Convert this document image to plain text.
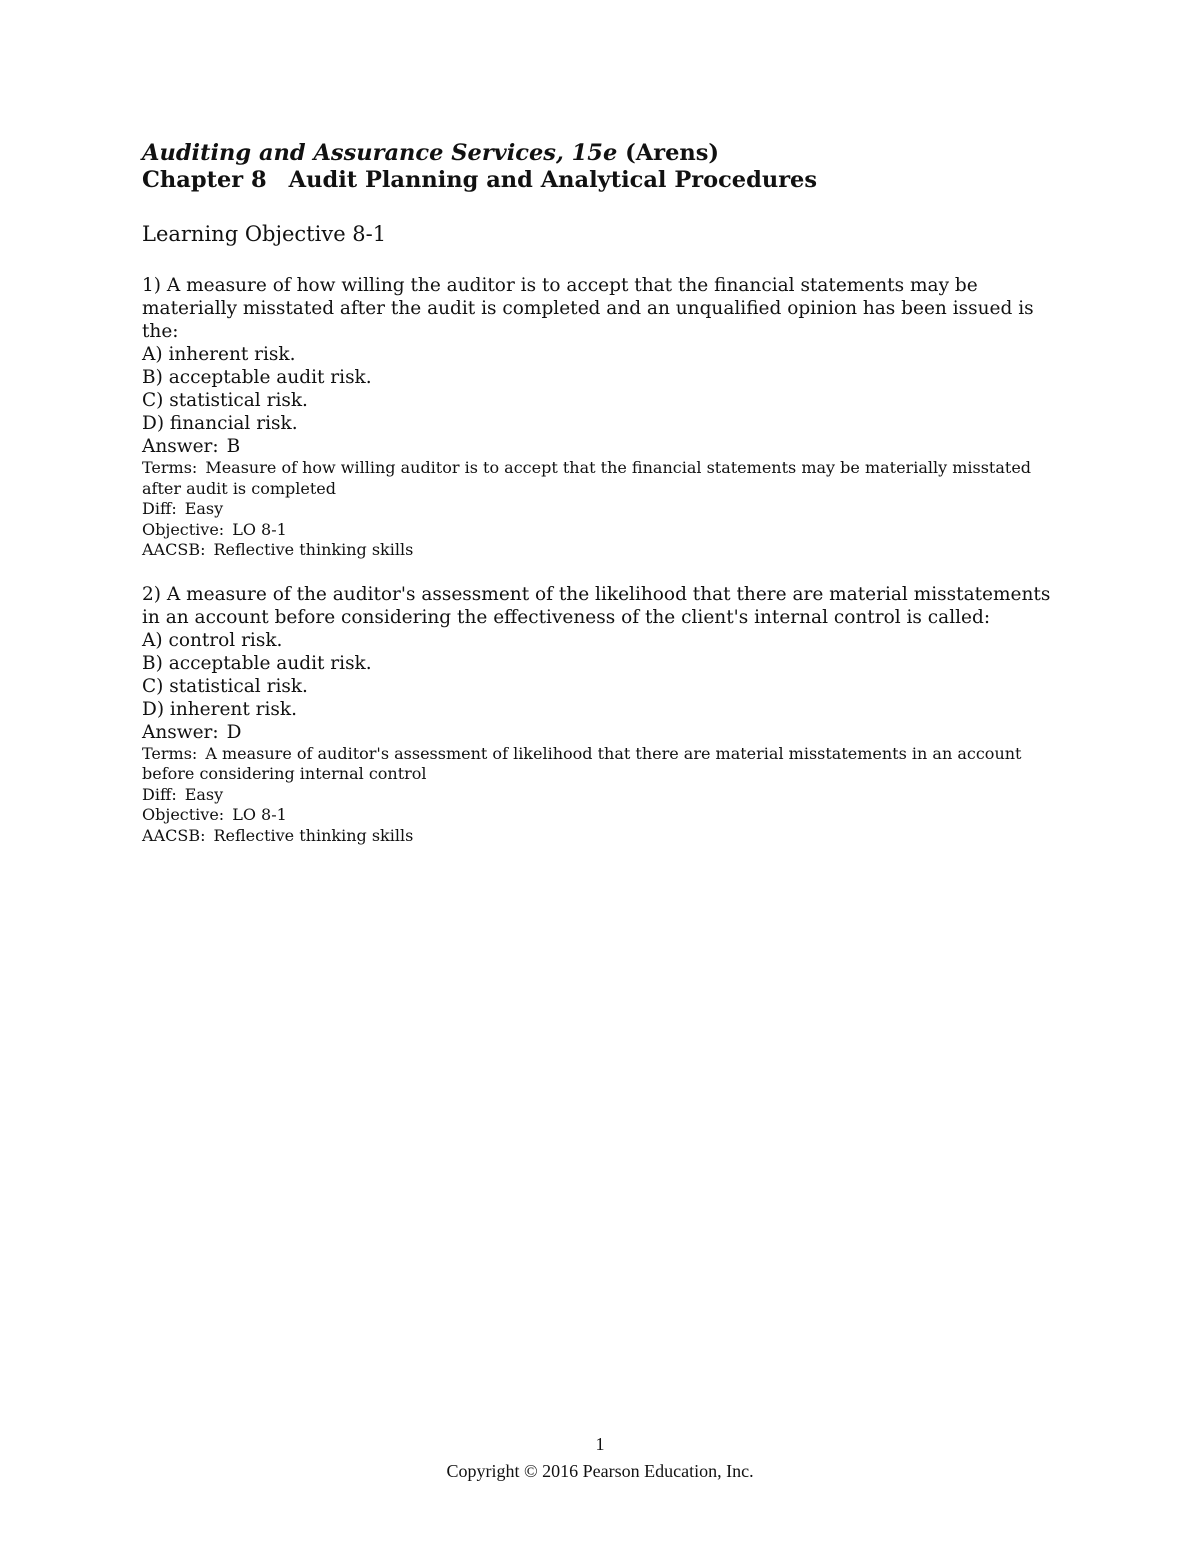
Auditing and Assurance Services, 15e (Arens)

Chapter 8 Audit Planning and Analytical Procedures

Learning Objective 8-1

1) A measure of how willing the auditor is to accept that the financial statements may be materially misstated after the audit is completed and an unqualified opinion has been issued is the:

A) inherent risk.

B) acceptable audit risk.

C) statistical risk.

D) financial risk.

Answer: B

Terms: Measure of how willing auditor is to accept that the financial statements may be materially misstated after audit is completed

Diff: Easy

Objective: LO 8-1

AACSB: Reflective thinking skills

2) A measure of the auditor's assessment of the likelihood that there are material misstatements in an account before considering the effectiveness of the client's internal control is called:

A) control risk.

B) acceptable audit risk.

C) statistical risk.

D) inherent risk.

Answer: D

Terms: A measure of auditor's assessment of likelihood that there are material misstatements in an account before considering internal control

Diff: Easy

Objective: LO 8-1

AACSB: Reflective thinking skills

1
Copyright © 2016 Pearson Education, Inc.
